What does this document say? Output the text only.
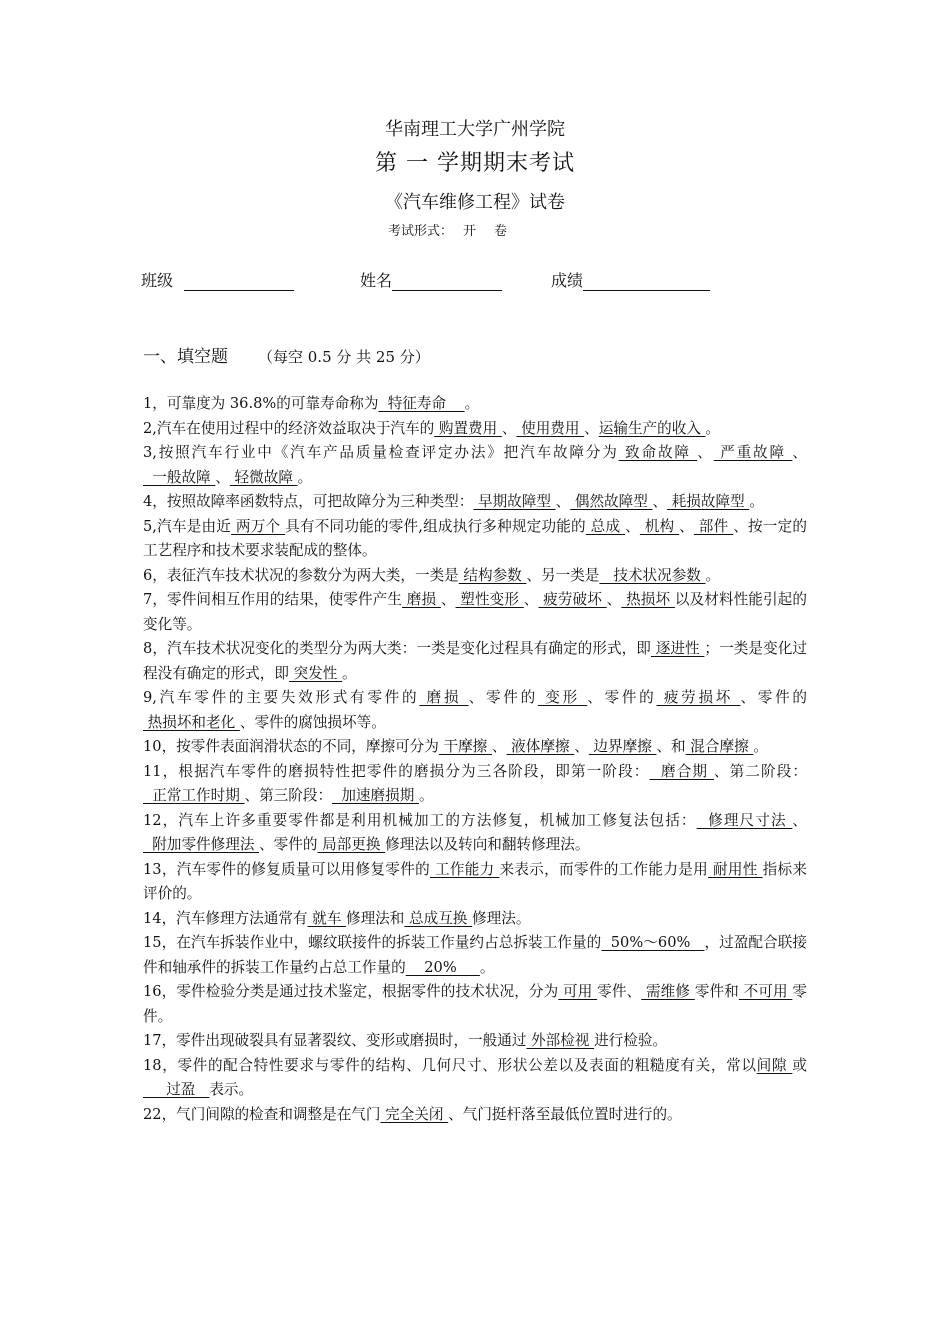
华南理工大学广州学院
第 一 学期期末考试
《汽车维修工程》试卷
考试形式： 开卷
班级	姓名	成绩
一、填空题 （每空 0.5 分 共 25 分）

1，可靠度为 36.8%的可靠寿命称为  特征寿命    。

2,汽车在使用过程中的经济效益取决于汽车的 购置费用 、 使用费用 、运输生产的收入 。

3,按照汽车行业中《汽车产品质量检查评定办法》把汽车故障分为 致命故障 、 严重故障 、  一般故障 、 轻微故障 。

4，按照故障率函数特点，可把故障分为三种类型： 早期故障型 、 偶然故障型 、 耗损故障型 。

5,汽车是由近 两万个 具有不同功能的零件,组成执行多种规定功能的 总成 、 机构 、 部件 、按一定的工艺程序和技术要求装配成的整体。

6，表征汽车技术状况的参数分为两大类，一类是 结构参数 、另一类是   技术状况参数 。

7，零件间相互作用的结果，使零件产生 磨损 、 塑性变形 、 疲劳破坏 、 热损坏 以及材料性能引起的变化等。

8，汽车技术状况变化的类型分为两大类：一类是变化过程具有确定的形式，即 逐进性 ；一类是变化过程没有确定的形式，即 突发性 。

9,汽车零件的主要失效形式有零件的 磨损 、零件的 变形 、零件的 疲劳损坏 、零件的 热损坏和老化 、零件的腐蚀损坏等。

10，按零件表面润滑状态的不同，摩擦可分为 干摩擦 、 液体摩擦 、 边界摩擦 、和 混合摩擦 。

11，根据汽车零件的磨损特性把零件的磨损分为三各阶段，即第一阶段：  磨合期 、第二阶段：  正常工作时期 、第三阶段：  加速磨损期 。

12，汽车上许多重要零件都是利用机械加工的方法修复，机械加工修复法包括：  修理尺寸法 、  附加零件修理法 、零件的 局部更换 修理法以及转向和翻转修理法。

13，汽车零件的修复质量可以用修复零件的 工作能力 来表示，而零件的工作能力是用 耐用性 指标来评价的。

14，汽车修理方法通常有 就车 修理法和 总成互换 修理法。

15，在汽车拆装作业中，螺纹联接件的拆装工作量约占总拆装工作量的  50%～60%   ，过盈配合联接件和轴承件的拆装工作量约占总工作量的    20%     。

16，零件检验分类是通过技术鉴定，根据零件的技术状况，分为 可用 零件、 需维修 零件和 不可用 零件。

17，零件出现破裂具有显著裂纹、变形或磨损时，一般通过 外部检视 进行检验。

18，零件的配合特性要求与零件的结构、几何尺寸、形状公差以及表面的粗糙度有关，常以间隙 或     过盈   表示。

22，气门间隙的检查和调整是在气门 完全关闭 、气门挺杆落至最低位置时进行的。
